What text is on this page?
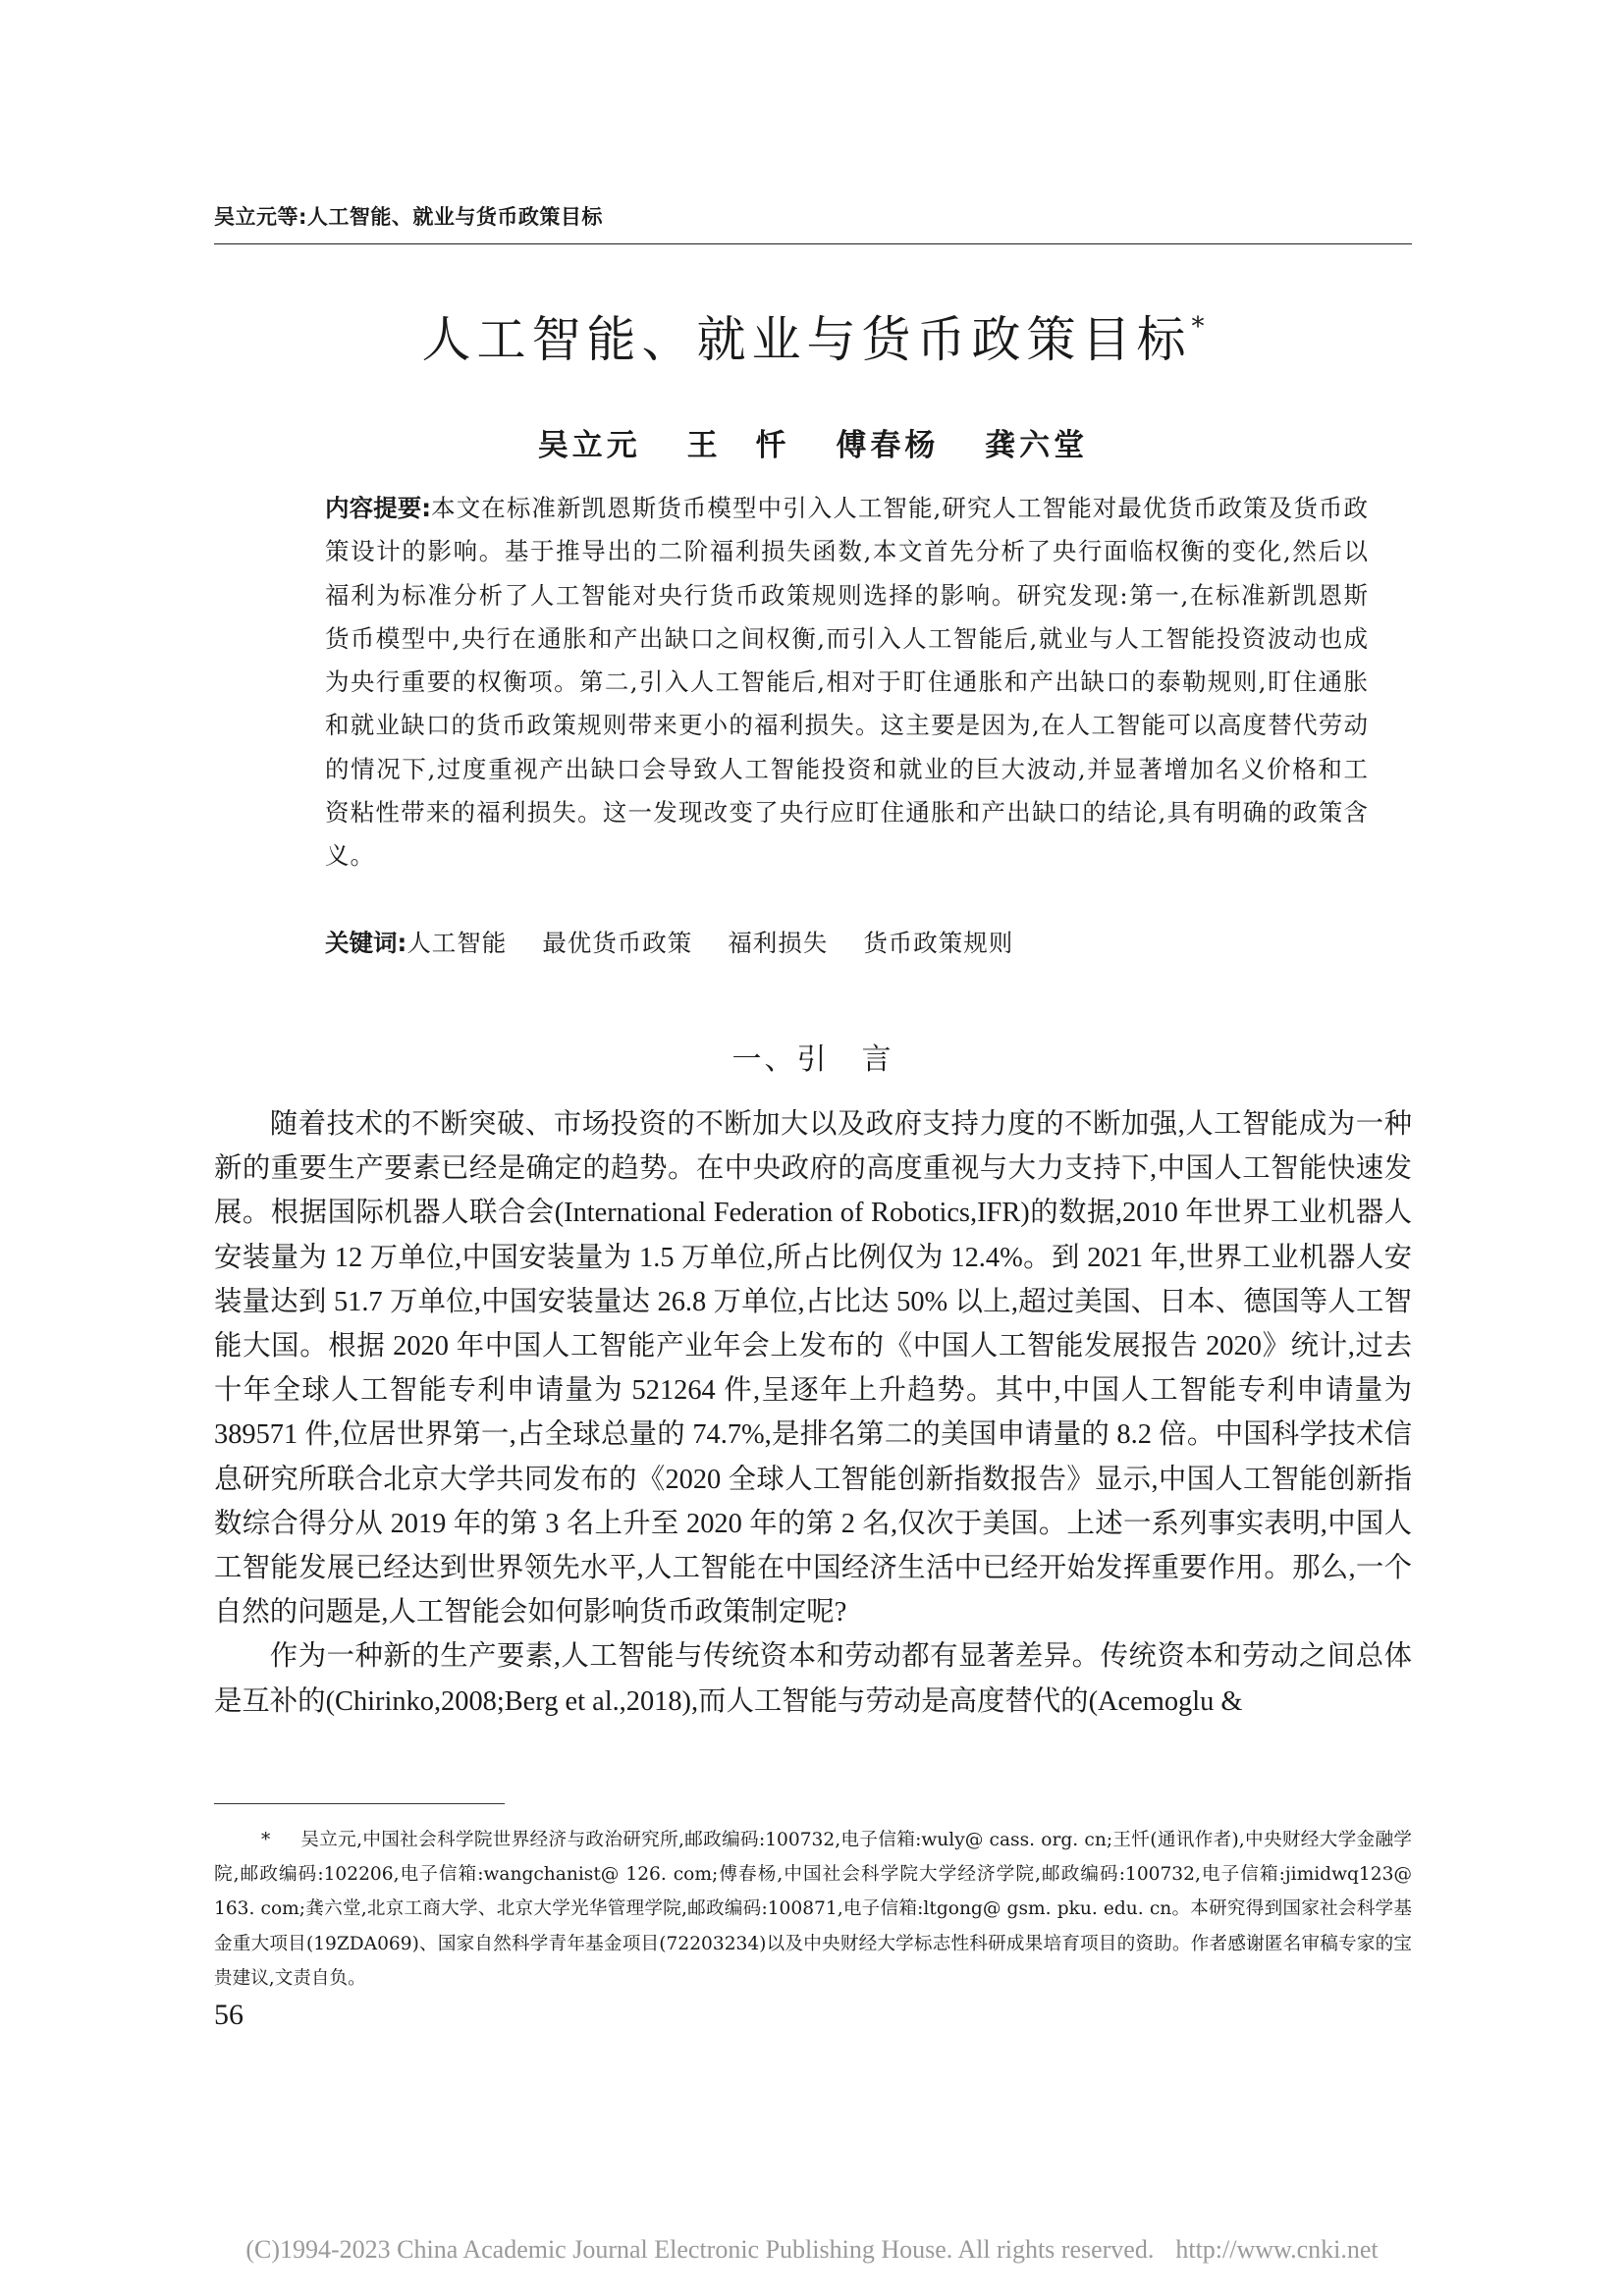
吴立元等:人工智能、就业与货币政策目标
人工智能、就业与货币政策目标*
吴立元 王　忏 傅春杨 龚六堂
内容提要:本文在标准新凯恩斯货币模型中引入人工智能,研究人工智能对最优货币政策及货币政策设计的影响。基于推导出的二阶福利损失函数,本文首先分析了央行面临权衡的变化,然后以福利为标准分析了人工智能对央行货币政策规则选择的影响。研究发现:第一,在标准新凯恩斯货币模型中,央行在通胀和产出缺口之间权衡,而引入人工智能后,就业与人工智能投资波动也成为央行重要的权衡项。第二,引入人工智能后,相对于盯住通胀和产出缺口的泰勒规则,盯住通胀和就业缺口的货币政策规则带来更小的福利损失。这主要是因为,在人工智能可以高度替代劳动的情况下,过度重视产出缺口会导致人工智能投资和就业的巨大波动,并显著增加名义价格和工资粘性带来的福利损失。这一发现改变了央行应盯住通胀和产出缺口的结论,具有明确的政策含义。
关键词:人工智能 最优货币政策 福利损失 货币政策规则
一、引　言

随着技术的不断突破、市场投资的不断加大以及政府支持力度的不断加强,人工智能成为一种新的重要生产要素已经是确定的趋势。在中央政府的高度重视与大力支持下,中国人工智能快速发展。根据国际机器人联合会(International Federation of Robotics,IFR)的数据,2010 年世界工业机器人安装量为 12 万单位,中国安装量为 1.5 万单位,所占比例仅为 12.4%。到 2021 年,世界工业机器人安装量达到 51.7 万单位,中国安装量达 26.8 万单位,占比达 50% 以上,超过美国、日本、德国等人工智能大国。根据 2020 年中国人工智能产业年会上发布的《中国人工智能发展报告 2020》统计,过去十年全球人工智能专利申请量为 521264 件,呈逐年上升趋势。其中,中国人工智能专利申请量为 389571 件,位居世界第一,占全球总量的 74.7%,是排名第二的美国申请量的 8.2 倍。中国科学技术信息研究所联合北京大学共同发布的《2020 全球人工智能创新指数报告》显示,中国人工智能创新指数综合得分从 2019 年的第 3 名上升至 2020 年的第 2 名,仅次于美国。上述一系列事实表明,中国人工智能发展已经达到世界领先水平,人工智能在中国经济生活中已经开始发挥重要作用。那么,一个自然的问题是,人工智能会如何影响货币政策制定呢?

作为一种新的生产要素,人工智能与传统资本和劳动都有显著差异。传统资本和劳动之间总体是互补的(Chirinko,2008;Berg et al.,2018),而人工智能与劳动是高度替代的(Acemoglu &

* 吴立元,中国社会科学院世界经济与政治研究所,邮政编码:100732,电子信箱:wuly@ cass. org. cn;王忏(通讯作者),中央财经大学金融学院,邮政编码:102206,电子信箱:wangchanist@ 126. com;傅春杨,中国社会科学院大学经济学院,邮政编码:100732,电子信箱:jimidwq123@ 163. com;龚六堂,北京工商大学、北京大学光华管理学院,邮政编码:100871,电子信箱:ltgong@ gsm. pku. edu. cn。本研究得到国家社会科学基金重大项目(19ZDA069)、国家自然科学青年基金项目(72203234)以及中央财经大学标志性科研成果培育项目的资助。作者感谢匿名审稿专家的宝贵建议,文责自负。
56
(C)1994-2023 China Academic Journal Electronic Publishing House. All rights reserved. http://www.cnki.net
